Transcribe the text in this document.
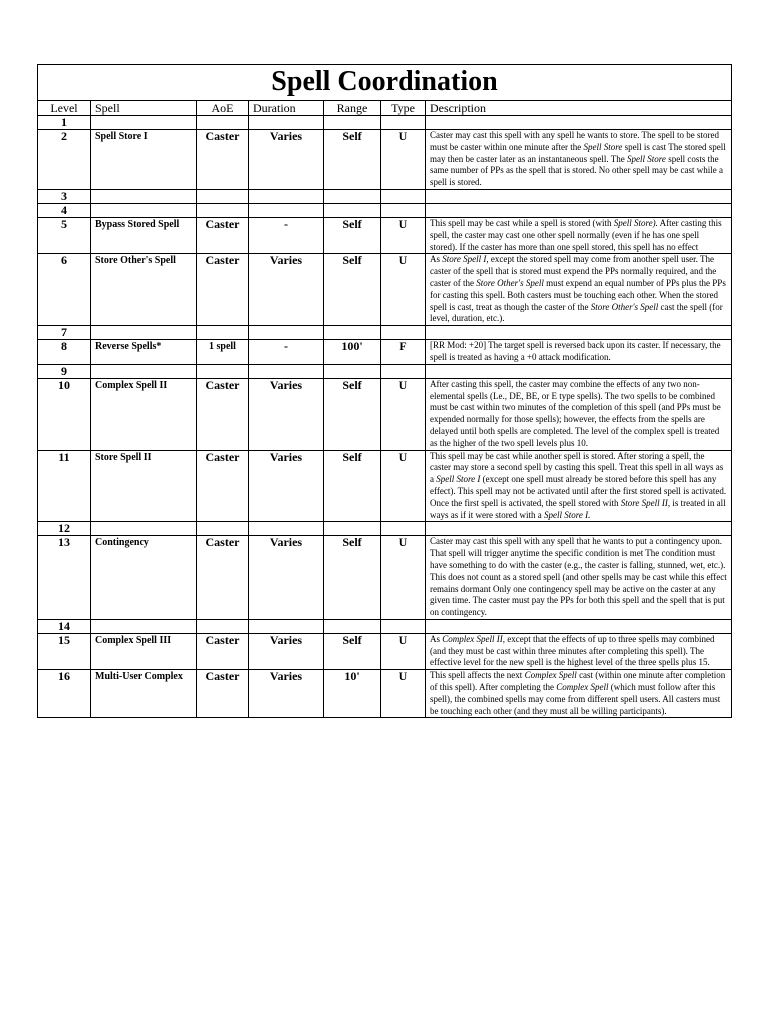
Spell Coordination						
Level	Spell	AoE	Duration	Range	Type	Description
1						
2	Spell Store I	Caster	Varies	Self	U	Caster may cast this spell with any spell he wants to store. The spell to be stored must be caster within one minute after the Spell Store spell is cast The stored spell may then be caster later as an instantaneous spell. The Spell Store spell costs the same number of PPs as the spell that is stored. No other spell may be cast while a spell is stored.
3						
4						
5	Bypass Stored Spell	Caster	-	Self	U	This spell may be cast while a spell is stored (with Spell Store). After casting this spell, the caster may cast one other spell normally (even if he has one spell stored). If the caster has more than one spell stored, this spell has no effect
6	Store Other's Spell	Caster	Varies	Self	U	As Store Spell I, except the stored spell may come from another spell user. The caster of the spell that is stored must expend the PPs normally required, and the caster of the Store Other's Spell must expend an equal number of PPs plus the PPs for casting this spell. Both casters must be touching each other. When the stored spell is cast, treat as though the caster of the Store Other's Spell cast the spell (for level, duration, etc.).
7						
8	Reverse Spells*	1 spell	-	100'	F	[RR Mod: +20] The target spell is reversed back upon its caster. If necessary, the spell is treated as having a +0 attack modification.
9						
10	Complex Spell II	Caster	Varies	Self	U	After casting this spell, the caster may combine the effects of any two non-elemental spells (Le., DE, BE, or E type spells). The two spells to be combined must be cast within two minutes of the completion of this spell (and PPs must be expended normally for those spells); however, the effects from the spells are delayed until both spells are completed. The level of the complex spell is treated as the higher of the two spell levels plus 10.
11	Store Spell II	Caster	Varies	Self	U	This spell may be cast while another spell is stored. After storing a spell, the caster may store a second spell by casting this spell. Treat this spell in all ways as a Spell Store I (except one spell must already be stored before this spell has any effect). This spell may not be activated until after the first stored spell is activated. Once the first spell is activated, the spell stored with Store Spell II, is treated in all ways as if it were stored with a Spell Store I.
12						
13	Contingency	Caster	Varies	Self	U	Caster may cast this spell with any spell that he wants to put a contingency upon. That spell will trigger anytime the specific condition is met The condition must have something to do with the caster (e.g., the caster is falling, stunned, wet, etc.). This does not count as a stored spell (and other spells may be cast while this effect remains dormant Only one contingency spell may be active on the caster at any given time. The caster must pay the PPs for both this spell and the spell that is put on contingency.
14						
15	Complex Spell III	Caster	Varies	Self	U	As Complex Spell II, except that the effects of up to three spells may combined (and they must be cast within three minutes after completing this spell). The effective level for the new spell is the highest level of the three spells plus 15.
16	Multi-User Complex	Caster	Varies	10'	U	This spell affects the next Complex Spell cast (within one minute after completion of this spell). After completing the Complex Spell (which must follow after this spell), the combined spells may come from different spell users. All casters must be touching each other (and they must all be willing participants).
